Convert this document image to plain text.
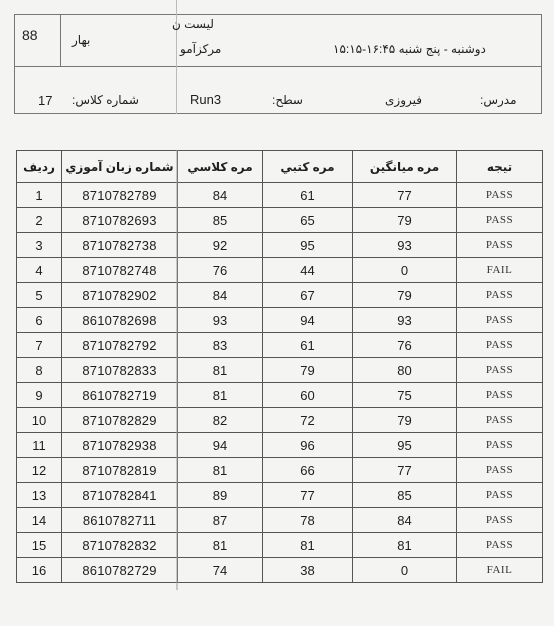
88
لیست ن
بهار
مرکزآمو	دوشنبه - پنج شنبه ۱۶:۴۵-۱۵:۱۵
17 شماره کلاس:	Run3	سطح:	فیروزی	مدرس:
ردیف	شماره زبان آموزي	مره کلاسي	مره کتبي	مره ميانگين	تيجه
1	8710782789	84	61	77	PASS
2	8710782693	85	65	79	PASS
3	8710782738	92	95	93	PASS
4	8710782748	76	44	0	FAIL
5	8710782902	84	67	79	PASS
6	8610782698	93	94	93	PASS
7	8710782792	83	61	76	PASS
8	8710782833	81	79	80	PASS
9	8610782719	81	60	75	PASS
10	8710782829	82	72	79	PASS
11	8710782938	94	96	95	PASS
12	8710782819	81	66	77	PASS
13	8710782841	89	77	85	PASS
14	8610782711	87	78	84	PASS
15	8710782832	81	81	81	PASS
16	8610782729	74	38	0	FAIL
